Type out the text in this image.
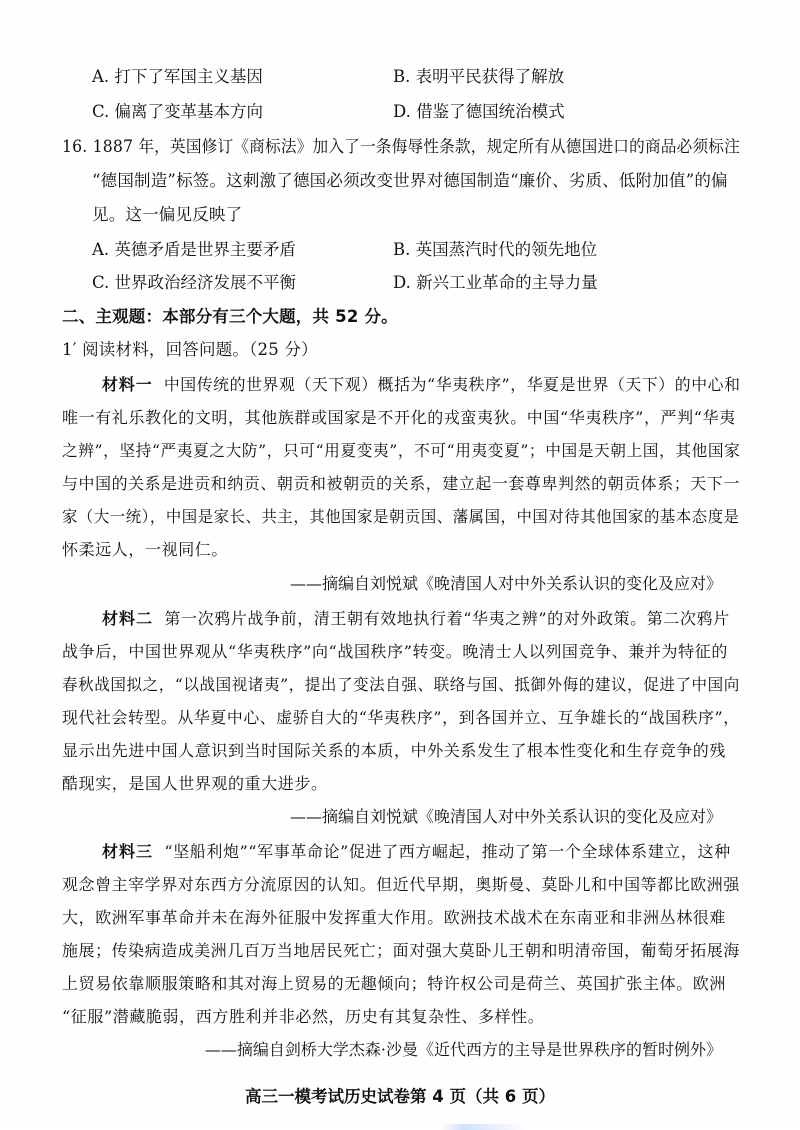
A. 打下了军国主义基因	B. 表明平民获得了解放
C. 偏离了变革基本方向	D. 借鉴了德国统治模式
16. 1887 年，英国修订《商标法》加入了一条侮辱性条款，规定所有从德国进口的商品必须标注
“德国制造”标签。这刺激了德国必须改变世界对德国制造“廉价、劣质、低附加值”的偏
见。这一偏见反映了
A. 英德矛盾是世界主要矛盾	B. 英国蒸汽时代的领先地位
C. 世界政治经济发展不平衡	D. 新兴工业革命的主导力量
二、主观题：本部分有三个大题，共 52 分。
1′ 阅读材料，回答问题。（25 分）
材料一 中国传统的世界观（天下观）概括为“华夷秩序”，华夏是世界（天下）的中心和
唯一有礼乐教化的文明，其他族群或国家是不开化的戎蛮夷狄。中国“华夷秩序”，严判“华夷
之辨”，坚持“严夷夏之大防”，只可“用夏变夷”，不可“用夷变夏”；中国是天朝上国，其他国家
与中国的关系是进贡和纳贡、朝贡和被朝贡的关系，建立起一套尊卑判然的朝贡体系；天下一
家（大一统），中国是家长、共主，其他国家是朝贡国、藩属国，中国对待其他国家的基本态度是
怀柔远人，一视同仁。
——摘编自刘悦斌《晚清国人对中外关系认识的变化及应对》
材料二 第一次鸦片战争前，清王朝有效地执行着“华夷之辨”的对外政策。第二次鸦片
战争后，中国世界观从“华夷秩序”向“战国秩序”转变。晚清士人以列国竞争、兼并为特征的
春秋战国拟之，“以战国视诸夷”，提出了变法自强、联络与国、抵御外侮的建议，促进了中国向
现代社会转型。从华夏中心、虚骄自大的“华夷秩序”，到各国并立、互争雄长的“战国秩序”，
显示出先进中国人意识到当时国际关系的本质，中外关系发生了根本性变化和生存竞争的残
酷现实，是国人世界观的重大进步。
——摘编自刘悦斌《晚清国人对中外关系认识的变化及应对》
材料三 “坚船利炮”“军事革命论”促进了西方崛起，推动了第一个全球体系建立，这种
观念曾主宰学界对东西方分流原因的认知。但近代早期，奥斯曼、莫卧儿和中国等都比欧洲强
大，欧洲军事革命并未在海外征服中发挥重大作用。欧洲技术战术在东南亚和非洲丛林很难
施展；传染病造成美洲几百万当地居民死亡；面对强大莫卧儿王朝和明清帝国，葡萄牙拓展海
上贸易依靠顺服策略和其对海上贸易的无趣倾向；特许权公司是荷兰、英国扩张主体。欧洲
“征服”潜藏脆弱，西方胜利并非必然，历史有其复杂性、多样性。
——摘编自剑桥大学杰森·沙曼《近代西方的主导是世界秩序的暂时例外》
高三一模考试历史试卷第 4 页（共 6 页）
